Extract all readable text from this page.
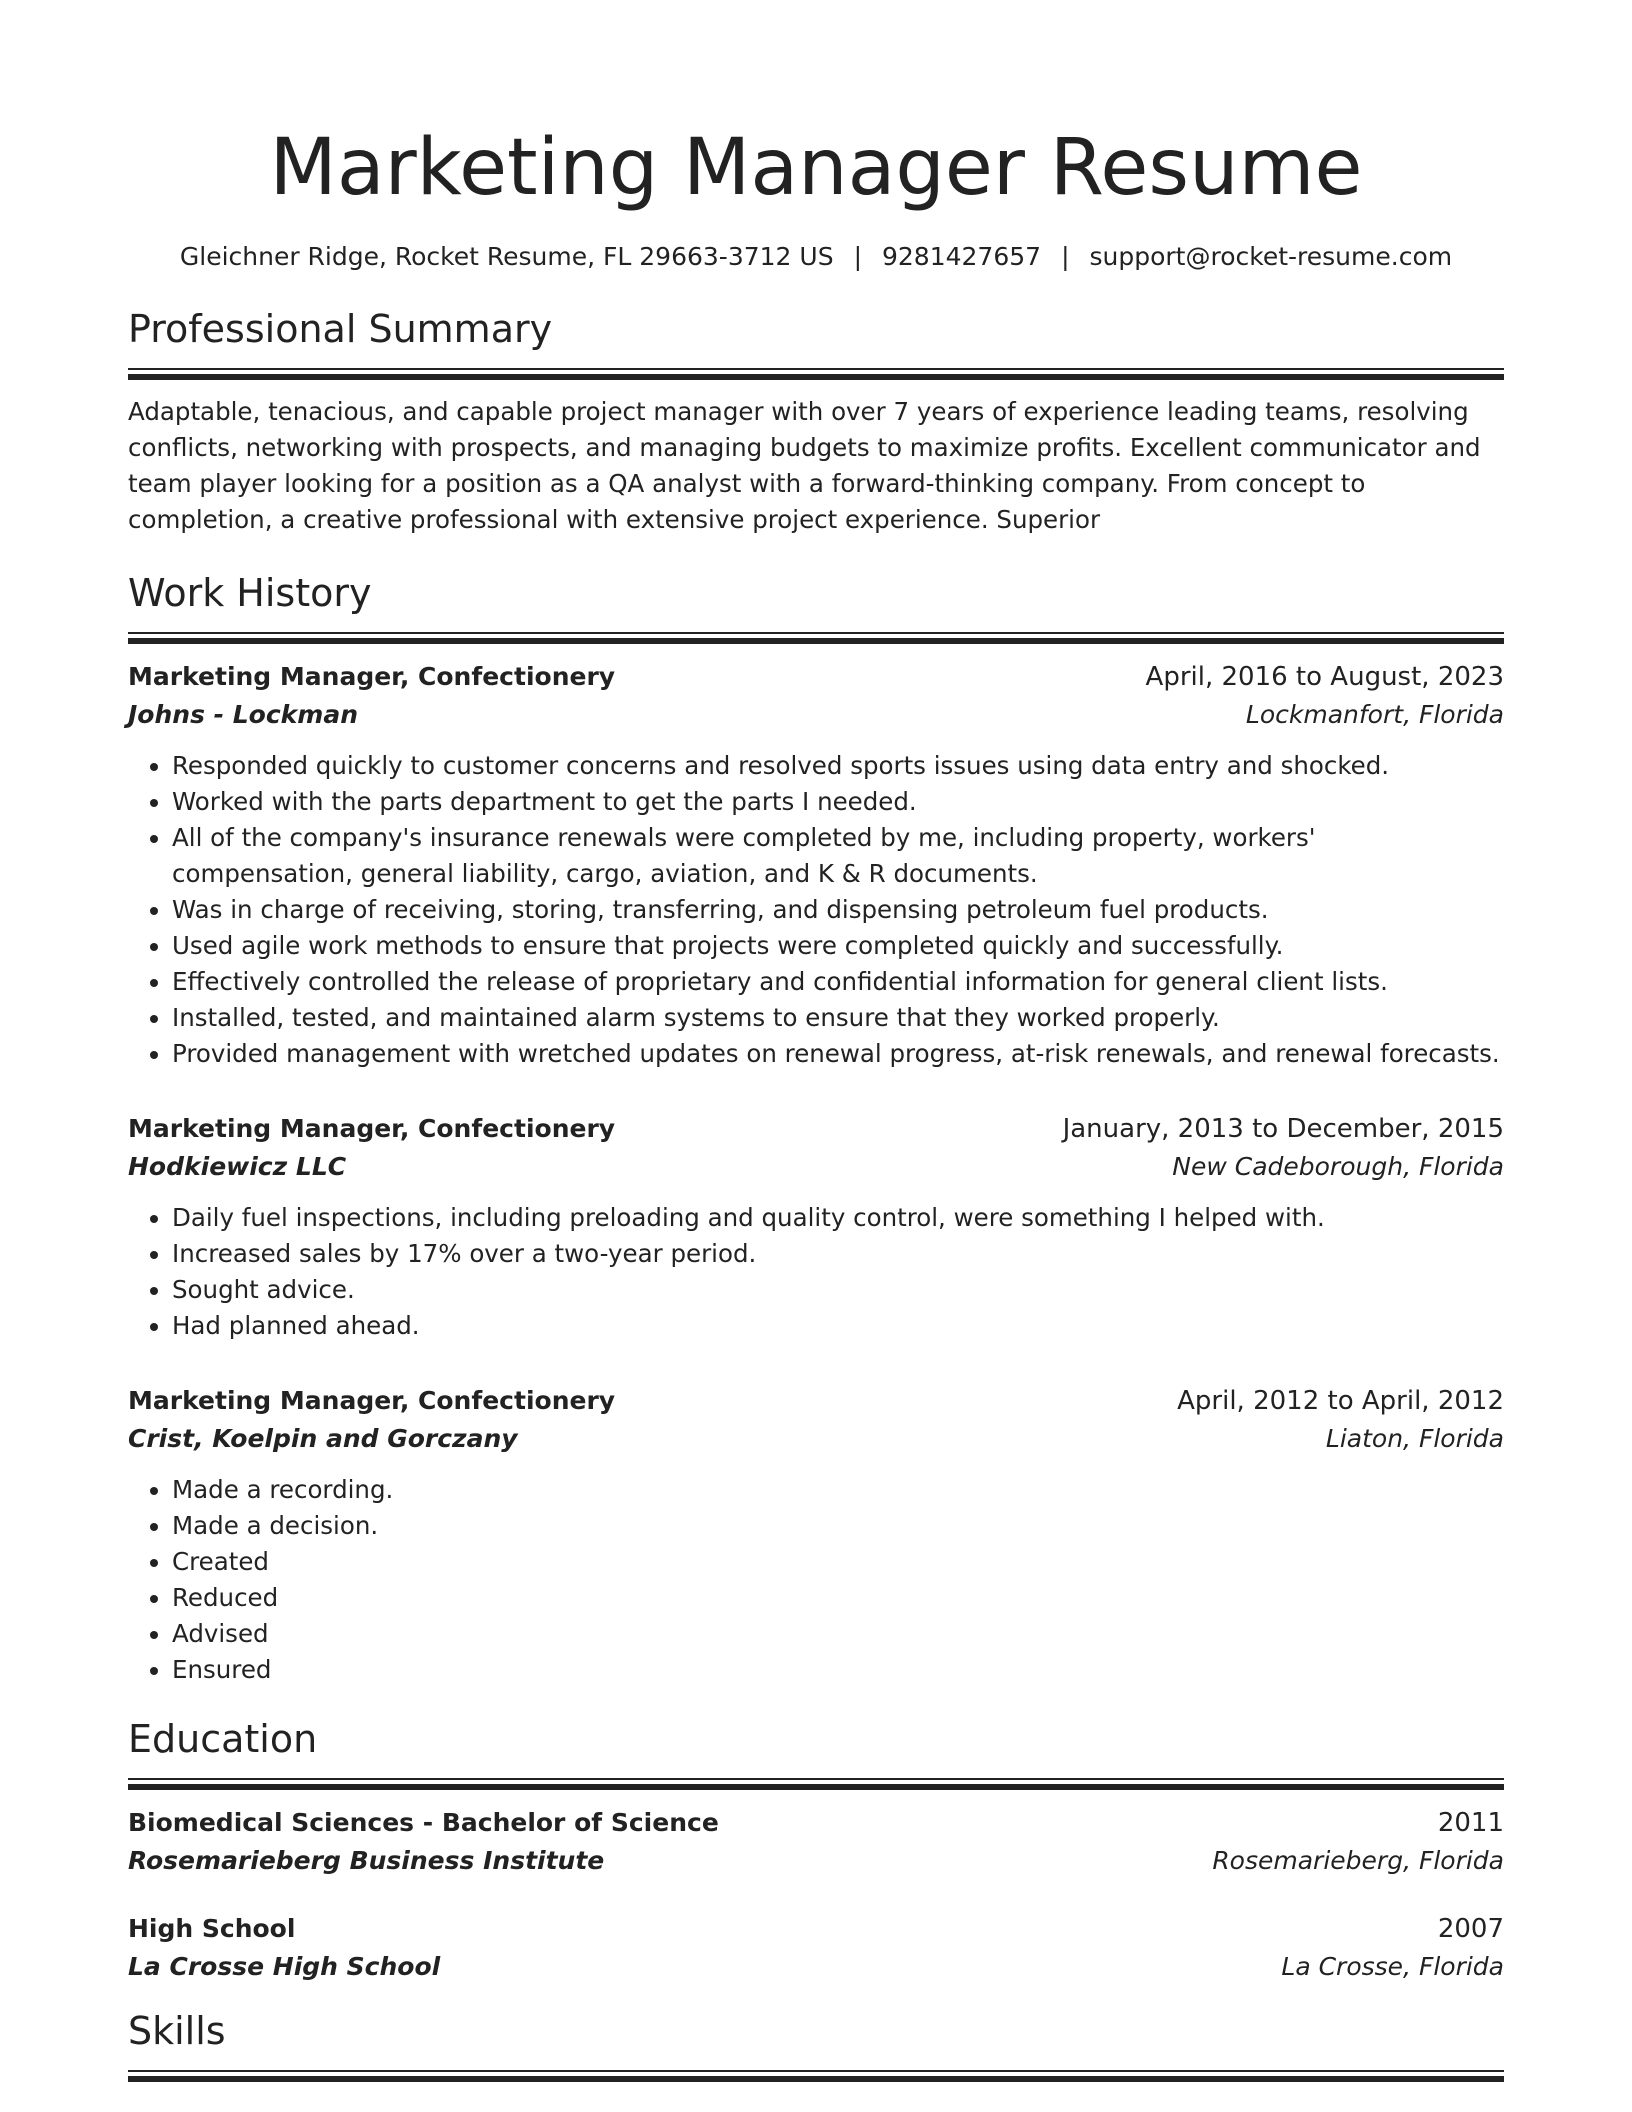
Marketing Manager Resume
Gleichner Ridge, Rocket Resume, FL 29663-3712 US | 9281427657 | support@rocket-resume.com
Professional Summary
Adaptable, tenacious, and capable project manager with over 7 years of experience leading teams, resolving conflicts, networking with prospects, and managing budgets to maximize profits. Excellent communicator and team player looking for a position as a QA analyst with a forward-thinking company. From concept to completion, a creative professional with extensive project experience. Superior
Work History
Marketing Manager, Confectionery	April, 2016 to August, 2023
Johns - Lockman	Lockmanfort, Florida
• Responded quickly to customer concerns and resolved sports issues using data entry and shocked.
• Worked with the parts department to get the parts I needed.
• All of the company's insurance renewals were completed by me, including property, workers' compensation, general liability, cargo, aviation, and K & R documents.
• Was in charge of receiving, storing, transferring, and dispensing petroleum fuel products.
• Used agile work methods to ensure that projects were completed quickly and successfully.
• Effectively controlled the release of proprietary and confidential information for general client lists.
• Installed, tested, and maintained alarm systems to ensure that they worked properly.
• Provided management with wretched updates on renewal progress, at-risk renewals, and renewal forecasts.
Marketing Manager, Confectionery	January, 2013 to December, 2015
Hodkiewicz LLC	New Cadeborough, Florida
• Daily fuel inspections, including preloading and quality control, were something I helped with.
• Increased sales by 17% over a two-year period.
• Sought advice.
• Had planned ahead.
Marketing Manager, Confectionery	April, 2012 to April, 2012
Crist, Koelpin and Gorczany	Liaton, Florida
• Made a recording.
• Made a decision.
• Created
• Reduced
• Advised
• Ensured
Education
Biomedical Sciences - Bachelor of Science	2011
Rosemarieberg Business Institute	Rosemarieberg, Florida
High School	2007
La Crosse High School	La Crosse, Florida
Skills
